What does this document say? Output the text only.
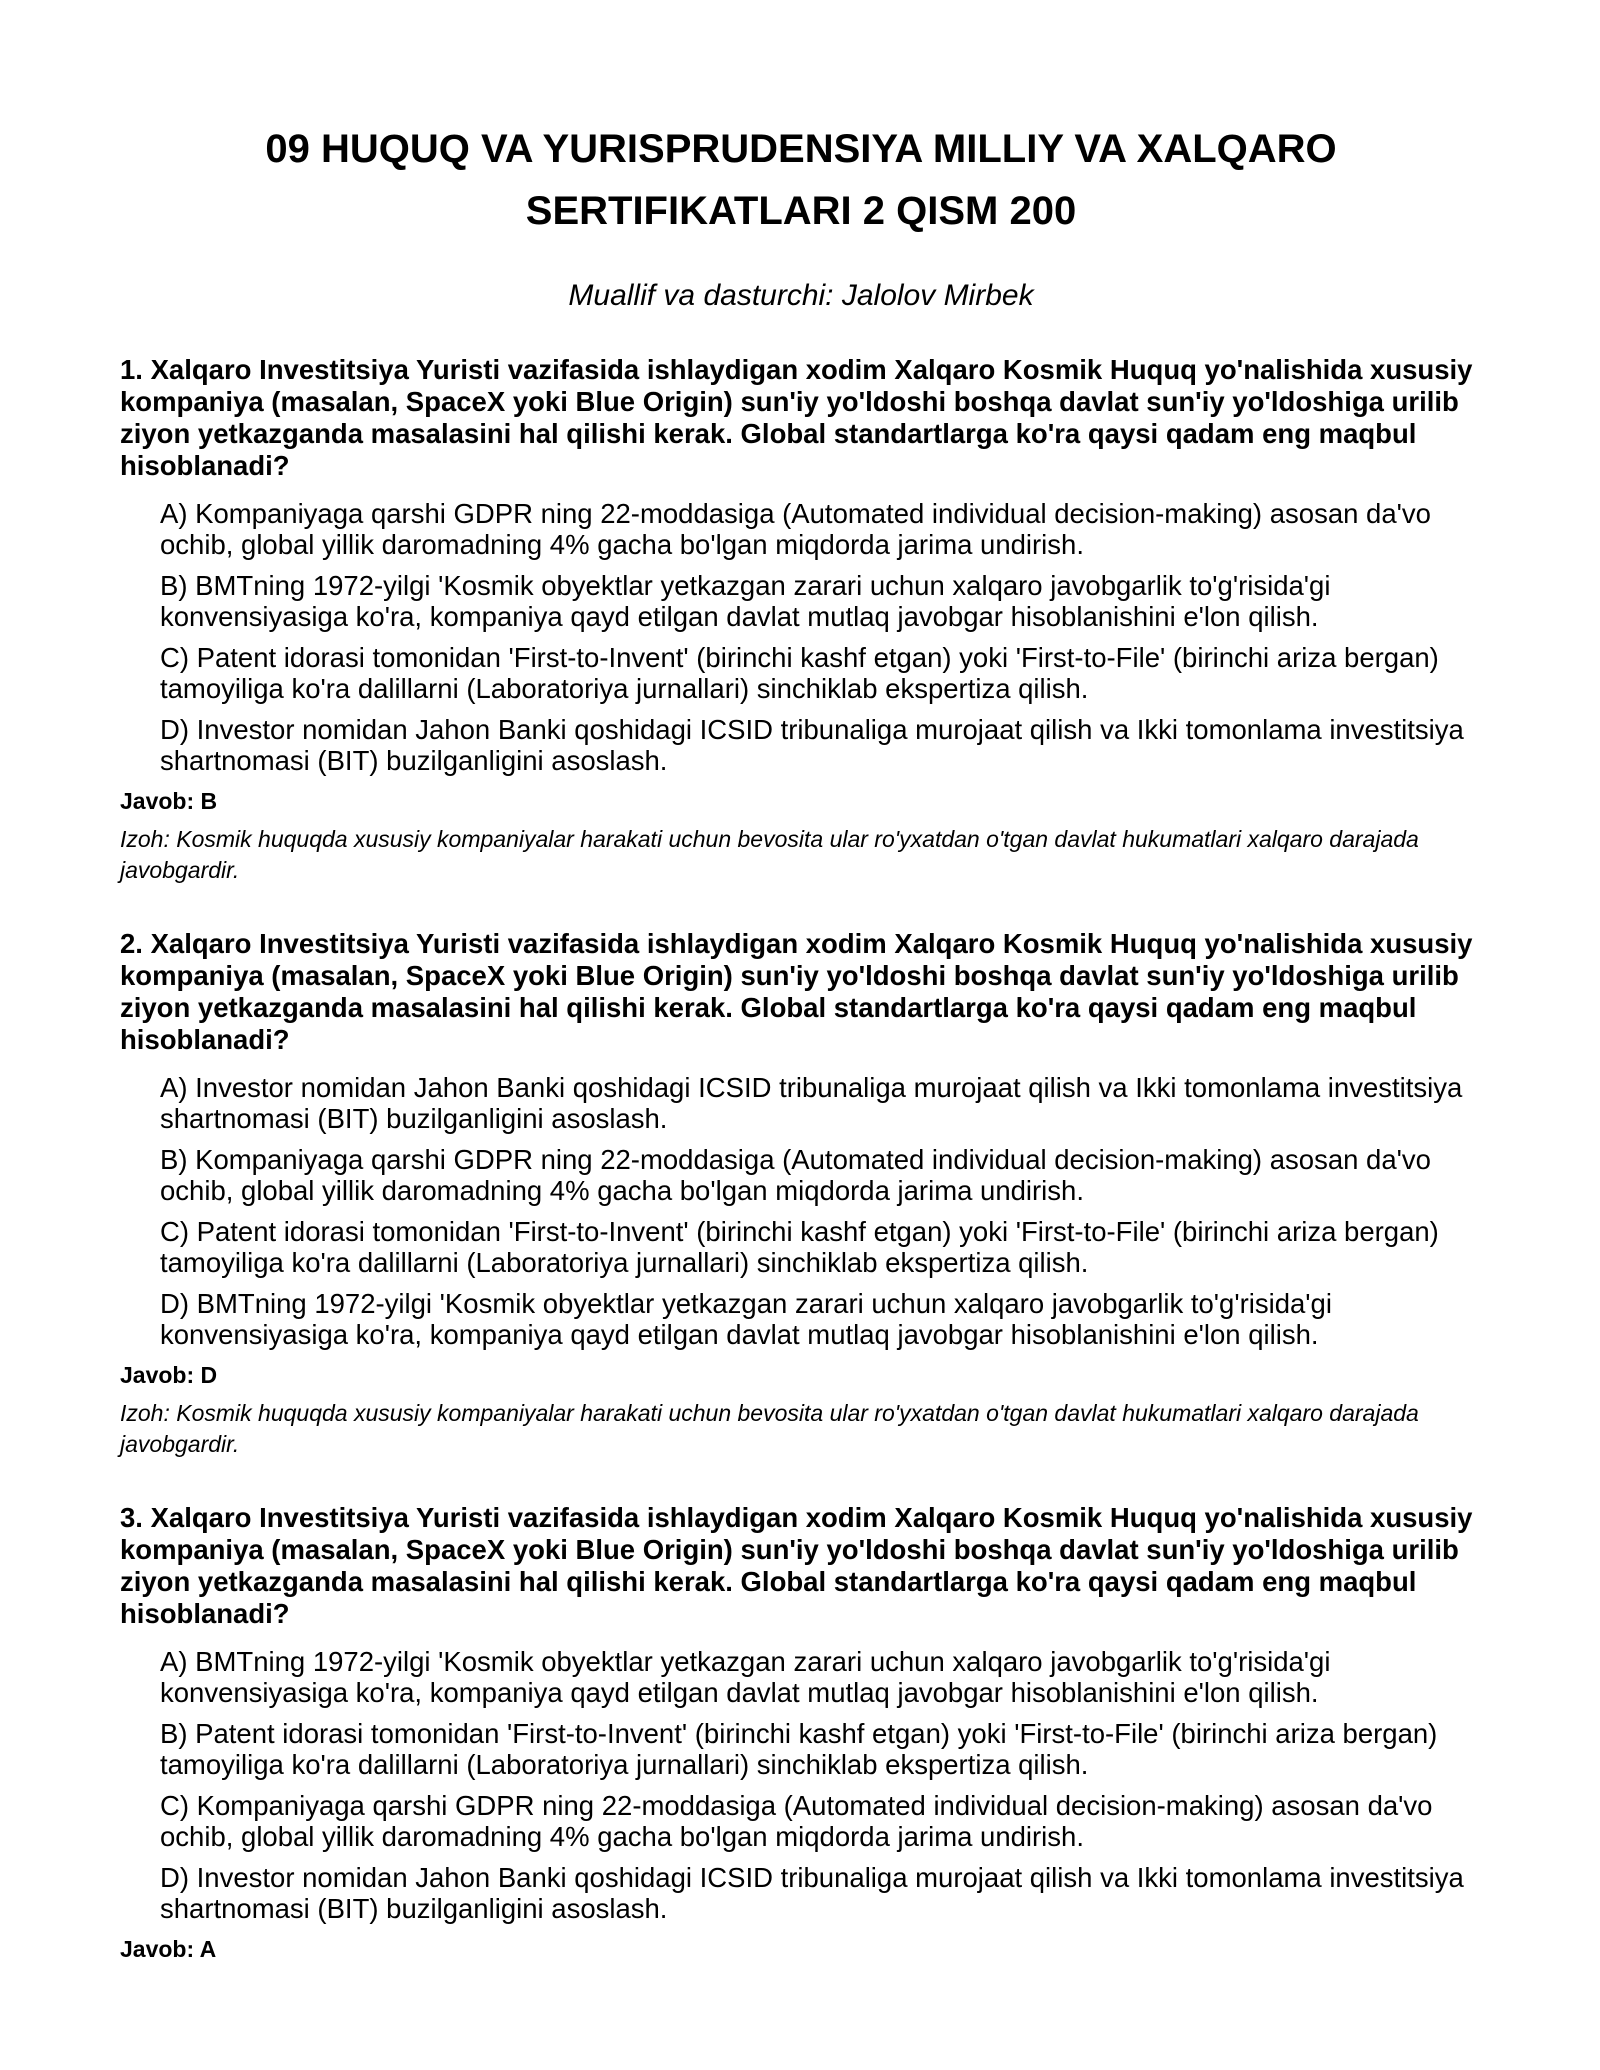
09 HUQUQ VA YURISPRUDENSIYA MILLIY VA XALQARO SERTIFIKATLARI 2 QISM 200

Muallif va dasturchi: Jalolov Mirbek

1. Xalqaro Investitsiya Yuristi vazifasida ishlaydigan xodim Xalqaro Kosmik Huquq yo'nalishida xususiy kompaniya (masalan, SpaceX yoki Blue Origin) sun'iy yo'ldoshi boshqa davlat sun'iy yo'ldoshiga urilib ziyon yetkazganda masalasini hal qilishi kerak. Global standartlarga ko'ra qaysi qadam eng maqbul hisoblanadi?

A) Kompaniyaga qarshi GDPR ning 22-moddasiga (Automated individual decision-making) asosan da'vo ochib, global yillik daromadning 4% gacha bo'lgan miqdorda jarima undirish.

B) BMTning 1972-yilgi 'Kosmik obyektlar yetkazgan zarari uchun xalqaro javobgarlik to'g'risida'gi konvensiyasiga ko'ra, kompaniya qayd etilgan davlat mutlaq javobgar hisoblanishini e'lon qilish.

C) Patent idorasi tomonidan 'First-to-Invent' (birinchi kashf etgan) yoki 'First-to-File' (birinchi ariza bergan) tamoyiliga ko'ra dalillarni (Laboratoriya jurnallari) sinchiklab ekspertiza qilish.

D) Investor nomidan Jahon Banki qoshidagi ICSID tribunaliga murojaat qilish va Ikki tomonlama investitsiya shartnomasi (BIT) buzilganligini asoslash.

Javob: B

Izoh: Kosmik huquqda xususiy kompaniyalar harakati uchun bevosita ular ro'yxatdan o'tgan davlat hukumatlari xalqaro darajada javobgardir.

2. Xalqaro Investitsiya Yuristi vazifasida ishlaydigan xodim Xalqaro Kosmik Huquq yo'nalishida xususiy kompaniya (masalan, SpaceX yoki Blue Origin) sun'iy yo'ldoshi boshqa davlat sun'iy yo'ldoshiga urilib ziyon yetkazganda masalasini hal qilishi kerak. Global standartlarga ko'ra qaysi qadam eng maqbul hisoblanadi?

A) Investor nomidan Jahon Banki qoshidagi ICSID tribunaliga murojaat qilish va Ikki tomonlama investitsiya shartnomasi (BIT) buzilganligini asoslash.

B) Kompaniyaga qarshi GDPR ning 22-moddasiga (Automated individual decision-making) asosan da'vo ochib, global yillik daromadning 4% gacha bo'lgan miqdorda jarima undirish.

C) Patent idorasi tomonidan 'First-to-Invent' (birinchi kashf etgan) yoki 'First-to-File' (birinchi ariza bergan) tamoyiliga ko'ra dalillarni (Laboratoriya jurnallari) sinchiklab ekspertiza qilish.

D) BMTning 1972-yilgi 'Kosmik obyektlar yetkazgan zarari uchun xalqaro javobgarlik to'g'risida'gi konvensiyasiga ko'ra, kompaniya qayd etilgan davlat mutlaq javobgar hisoblanishini e'lon qilish.

Javob: D

Izoh: Kosmik huquqda xususiy kompaniyalar harakati uchun bevosita ular ro'yxatdan o'tgan davlat hukumatlari xalqaro darajada javobgardir.

3. Xalqaro Investitsiya Yuristi vazifasida ishlaydigan xodim Xalqaro Kosmik Huquq yo'nalishida xususiy kompaniya (masalan, SpaceX yoki Blue Origin) sun'iy yo'ldoshi boshqa davlat sun'iy yo'ldoshiga urilib ziyon yetkazganda masalasini hal qilishi kerak. Global standartlarga ko'ra qaysi qadam eng maqbul hisoblanadi?

A) BMTning 1972-yilgi 'Kosmik obyektlar yetkazgan zarari uchun xalqaro javobgarlik to'g'risida'gi konvensiyasiga ko'ra, kompaniya qayd etilgan davlat mutlaq javobgar hisoblanishini e'lon qilish.

B) Patent idorasi tomonidan 'First-to-Invent' (birinchi kashf etgan) yoki 'First-to-File' (birinchi ariza bergan) tamoyiliga ko'ra dalillarni (Laboratoriya jurnallari) sinchiklab ekspertiza qilish.

C) Kompaniyaga qarshi GDPR ning 22-moddasiga (Automated individual decision-making) asosan da'vo ochib, global yillik daromadning 4% gacha bo'lgan miqdorda jarima undirish.

D) Investor nomidan Jahon Banki qoshidagi ICSID tribunaliga murojaat qilish va Ikki tomonlama investitsiya shartnomasi (BIT) buzilganligini asoslash.

Javob: A
